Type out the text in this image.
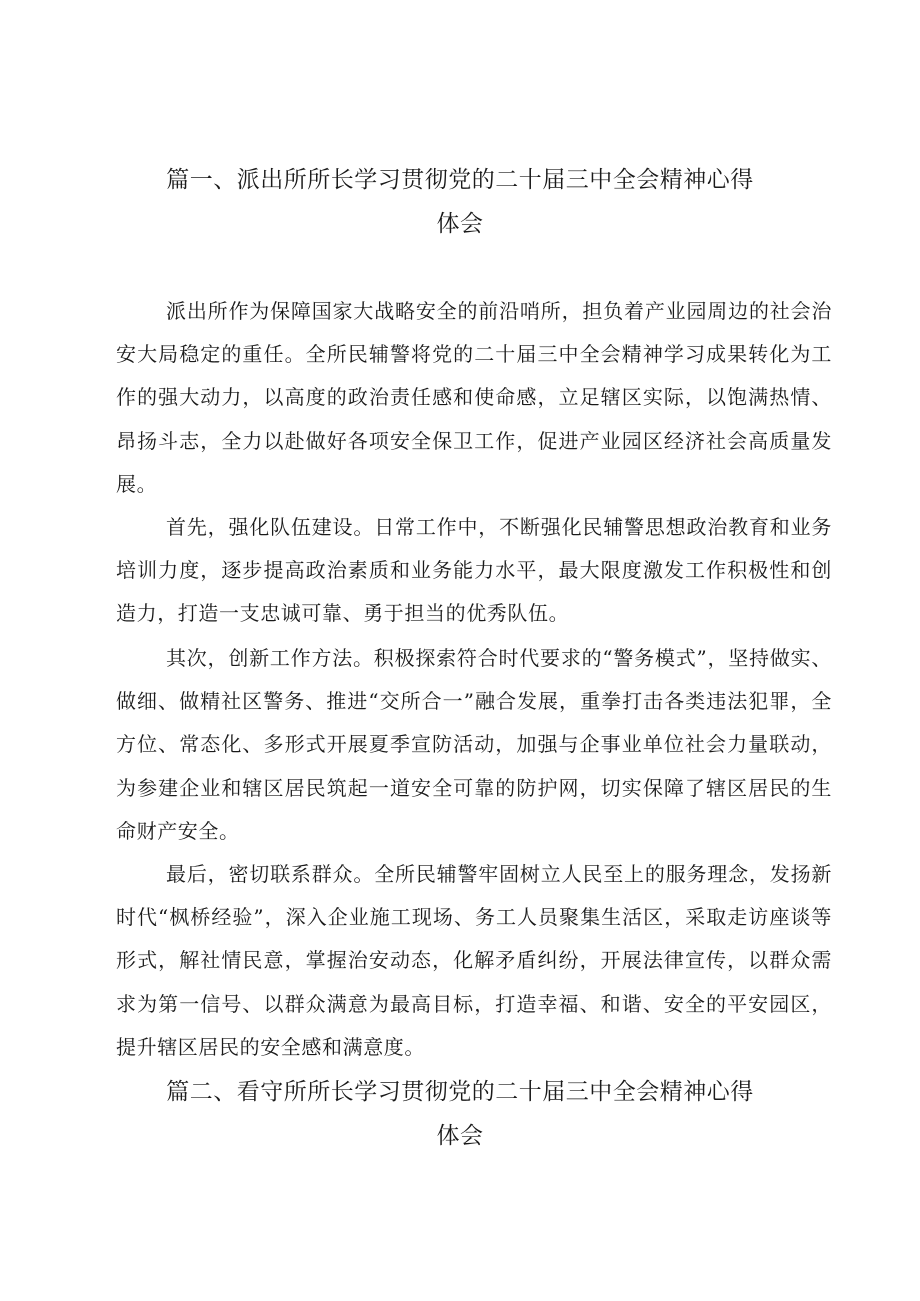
篇一、派出所所长学习贯彻党的二十届三中全会精神心得
体会

派出所作为保障国家大战略安全的前沿哨所，担负着产业园周边的社会治安大局稳定的重任。全所民辅警将党的二十届三中全会精神学习成果转化为工作的强大动力，以高度的政治责任感和使命感，立足辖区实际，以饱满热情、昂扬斗志，全力以赴做好各项安全保卫工作，促进产业园区经济社会高质量发展。

首先，强化队伍建设。日常工作中，不断强化民辅警思想政治教育和业务培训力度，逐步提高政治素质和业务能力水平，最大限度激发工作积极性和创造力，打造一支忠诚可靠、勇于担当的优秀队伍。

其次，创新工作方法。积极探索符合时代要求的“警务模式”，坚持做实、做细、做精社区警务、推进“交所合一”融合发展，重拳打击各类违法犯罪，全方位、常态化、多形式开展夏季宣防活动，加强与企事业单位社会力量联动，为参建企业和辖区居民筑起一道安全可靠的防护网，切实保障了辖区居民的生命财产安全。

最后，密切联系群众。全所民辅警牢固树立人民至上的服务理念，发扬新时代“枫桥经验”，深入企业施工现场、务工人员聚集生活区，采取走访座谈等形式，解社情民意，掌握治安动态，化解矛盾纠纷，开展法律宣传，以群众需求为第一信号、以群众满意为最高目标，打造幸福、和谐、安全的平安园区，提升辖区居民的安全感和满意度。

篇二、看守所所长学习贯彻党的二十届三中全会精神心得
体会
